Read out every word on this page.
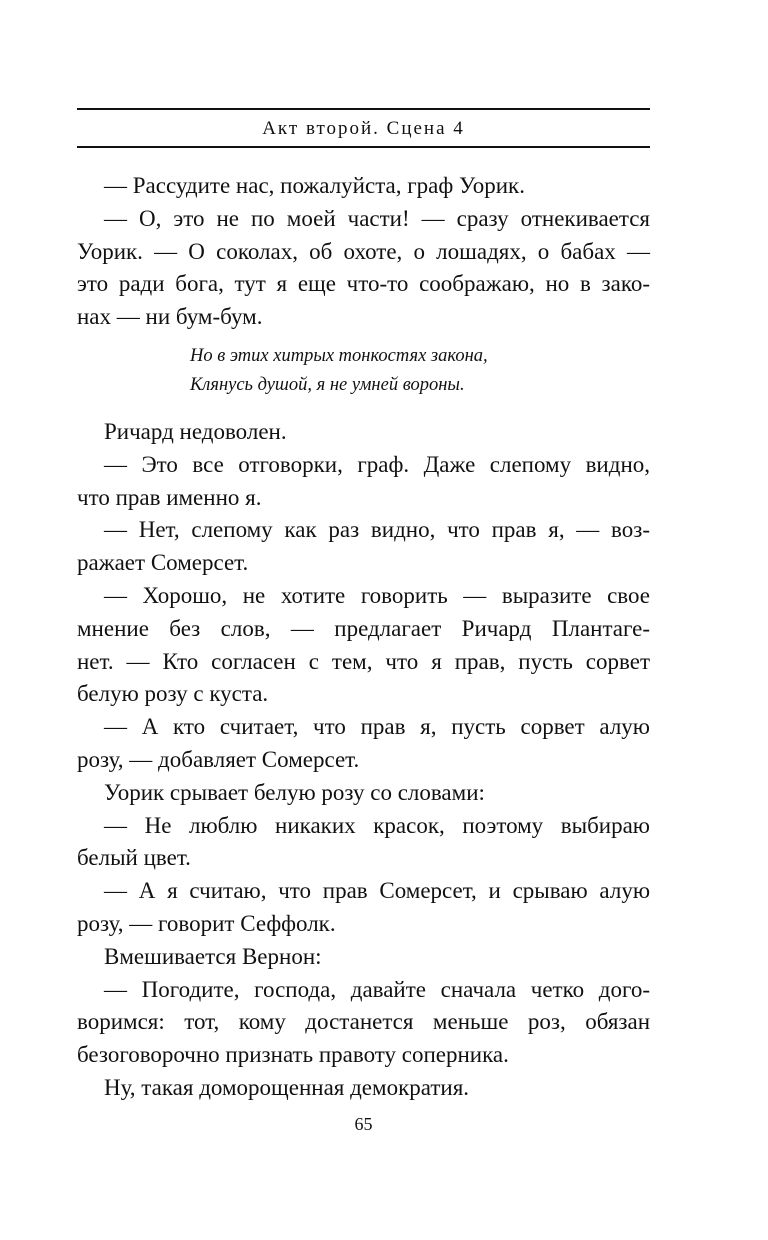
Акт второй. Сцена 4
— Рассудите нас, пожалуйста, граф Уорик.
— О, это не по моей части! — сразу отнекивается
Уорик. — О соколах, об охоте, о лошадях, о бабах —
это ради бога, тут я еще что-то соображаю, но в зако-
нах — ни бум-бум.
Но в этих хитрых тонкостях закона,
Клянусь душой, я не умней вороны.
Ричард недоволен.
— Это все отговорки, граф. Даже слепому видно,
что прав именно я.
— Нет, слепому как раз видно, что прав я, — воз-
ражает Сомерсет.
— Хорошо, не хотите говорить — выразите свое
мнение без слов, — предлагает Ричард Плантаге-
нет. — Кто согласен с тем, что я прав, пусть сорвет
белую розу с куста.
— А кто считает, что прав я, пусть сорвет алую
розу, — добавляет Сомерсет.
Уорик срывает белую розу со словами:
— Не люблю никаких красок, поэтому выбираю
белый цвет.
— А я считаю, что прав Сомерсет, и срываю алую
розу, — говорит Сеффолк.
Вмешивается Вернон:
— Погодите, господа, давайте сначала четко дого-
воримся: тот, кому достанется меньше роз, обязан
безоговорочно признать правоту соперника.
Ну, такая доморощенная демократия.
65
